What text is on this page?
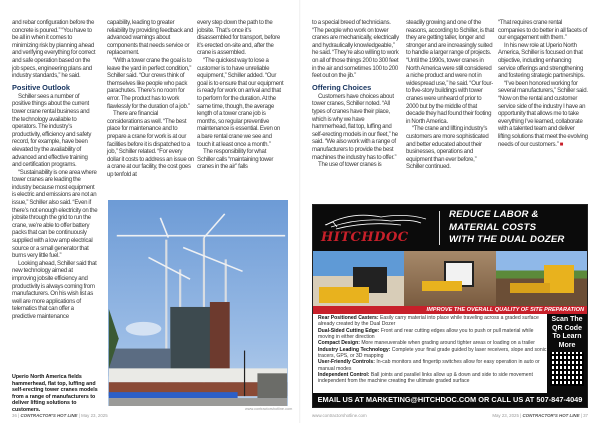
and rebar configuration before the concrete is poured.” “You have to be all in when it comes to minimizing risk by planning ahead and verifying everything for correct and safe operation based on the job specs, engineering plans and industry standards,” he said.

Positive Outlook

Schiller sees a number of positive things about the current tower crane rental business and the technology available to operators. The industry’s productivity, efficiency and safety record, for example, have been elevated by the availability of advanced and effective training and certification programs.

“Sustainability is one area where tower cranes are leading the industry because most equipment is electric and emissions are not an issue,” Schiller also said. “Even if there’s not enough electricity on the jobsite through the grid to run the crane, we’re able to offer battery packs that can be continuously supplied with a low amp electrical source or a small generator that burns very little fuel.”

Looking ahead, Schiller said that new technology aimed at improving jobsite efficiency and productivity is always coming from manufacturers. On his wish list as well are more applications of telematics that can offer a predictive maintenance

capability, leading to greater reliability by providing feedback and advanced warnings about components that needs service or replacement.

“With a tower crane the goal is to leave the yard in perfect condition,” Schiller said. “Our crews think of themselves like people who pack parachutes. There’s no room for error. The product has to work flawlessly for the duration of a job.”

There are financial considerations as well. “The best place for maintenance and to prepare a crane for work is at our facilities before it is dispatched to a job,” Schiller related. “For every dollar it costs to address an issue on a crane at our facility, the cost goes up tenfold at

every step down the path to the jobsite. That’s once it’s disassembled for transport, before it’s erected on-site and, after the crane is assembled.

“The quickest way to lose a customer is to have unreliable equipment,” Schiller added. “Our goal is to ensure that our equipment is ready for work on arrival and that to perform for the duration. At the same time, though, the average length of a tower crane job is months, so regular preventive maintenance is essential. Even on a bare rental crane we see and touch it at least once a month.”

The responsibility for what Schiller calls “maintaining tower cranes in the air” falls

Uperio North America fields hammerhead, flat top, luffing and self-erecting tower cranes models from a range of manufacturers to deliver lifting solutions to customers.	www.contractorshotline.com
36 | CONTRACTOR’S HOT LINE | May 23, 2025

to a special breed of technicians. “The people who work on tower cranes are mechanically, electrically and hydraulically knowledgeable,” he said. “They’re also willing to work on all of those things 200 to 300 feet in the air and sometimes 100 to 200 feet out on the jib.”

Offering Choices

Customers have choices about tower cranes, Schiller noted. “All types of cranes have their place, which is why we have hammerhead, flat top, luffing and self-erecting models in our fleet,” he said. “We also work with a range of manufacturers to provide the best machines the industry has to offer.”

The use of tower cranes is

steadily growing and one of the reasons, according to Schiller, is that they are getting taller, longer and stronger and are increasingly suited to handle a larger range of projects. “Until the 1990s, tower cranes in North America were still considered a niche product and were not in widespread use,” he said. “Our four-to five-story buildings with tower cranes were unheard of prior to 2000 but by the middle of that decade they had found their footing in North America.

“The crane and lifting industry’s customers are more sophisticated and better educated about their businesses, operations and equipment than ever before,” Schiller continued.

“That requires crane rental companies to do better in all facets of our engagement with them.”

In his new role at Uperio North America, Schiller is focused on that objective, including enhancing service offerings and strengthening and fostering strategic partnerships.

“I’ve been honored working for several manufacturers,” Schiller said. “Now on the rental and customer service side of the industry I have an opportunity that allows me to take everything I’ve learned, collaborate with a talented team and deliver lifting solutions that meet the evolving needs of our customers.” ■

HITCHDOC
REDUCE LABOR &
MATERIAL COSTS
WITH THE DUAL DOZER
IMPROVE THE OVERALL QUALITY OF SITE PREPARATION
Rear Positioned Casters: Easily carry material into place while traveling across a graded surface already created by the Dual Dozer
Dual-Sided Cutting Edge: Front and rear cutting edges allow you to push or pull material while moving in either direction
Compact Design: More maneuverable when grading around tighter areas or loading on a trailer
Industry Leading Technology: Complete your final grade guided by laser receivers, slope and sonic tracers, GPS, or 3D mapping
User-Friendly Controls: In-cab monitors and fingertip switches allow for easy operation in auto or manual modes
Independent Control: Ball joints and parallel links allow up & down and side to side movement independent from the machine creating the ultimate graded surface
Scan The
QR Code
To Learn
More
EMAIL US AT MARKETING@HITCHDOC.COM OR CALL US AT 507-847-4049
www.contractorshotline.com	May 23, 2025 | CONTRACTOR’S HOT LINE | 37
